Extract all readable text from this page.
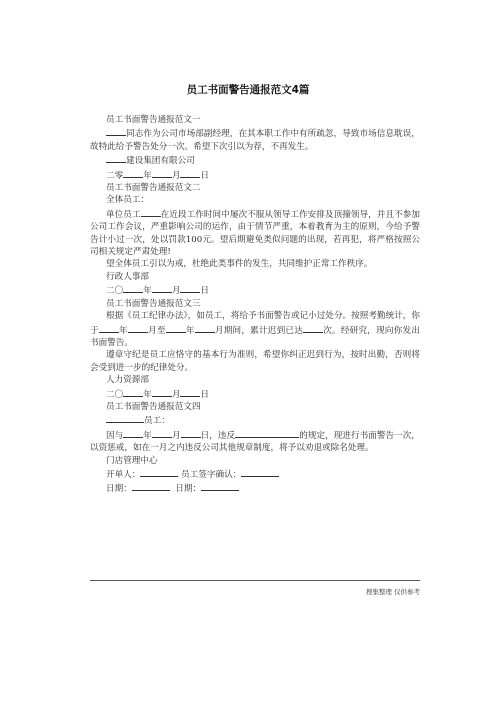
员工书面警告通报范文4篇

员工书面警告通报范文一

同志作为公司市场部副经理，在其本职工作中有所疏忽，导致市场信息耽误，故特此给予警告处分一次。希望下次引以为荐，不再发生。

建设集团有限公司

二零 年 月 日

员工书面警告通报范文二

全体员工：

单位员工 在近段工作时间中屡次不服从领导工作安排及顶撞领导，并且不参加公司工作会议，严重影响公司的运作，由于情节严重，本着教育为主的原则，今给予警告计小过一次，处以罚款100元。望后期避免类似问题的出现，若再犯，将严格按照公司相关规定严肃处理!

望全体员工引以为戒，杜绝此类事件的发生，共同维护正常工作秩序。

行政人事部

二〇 年 月 日

员工书面警告通报范文三

根据《员工纪律办法》，如员工，将给予书面警告或记小过处分。按照考勤统计，你于 年 月至 年 月期间，累计迟到已达 次。经研究，现向你发出书面警告。

遵章守纪是员工应恪守的基本行为准则，希望你纠正迟到行为，按时出勤，否则将会受到进一步的纪律处分。

人力资源部

二〇 年 月 日

员工书面警告通报范文四

员工：

因与 年 月 日，违反	的规定，现进行书面警告一次，以资惩戒，如在一月之内违反公司其他规章制度，将予以劝退或除名处理。

门店管理中心

开单人：	员工签字确认：

日期：	日期：

搜集整理 仅供参考
